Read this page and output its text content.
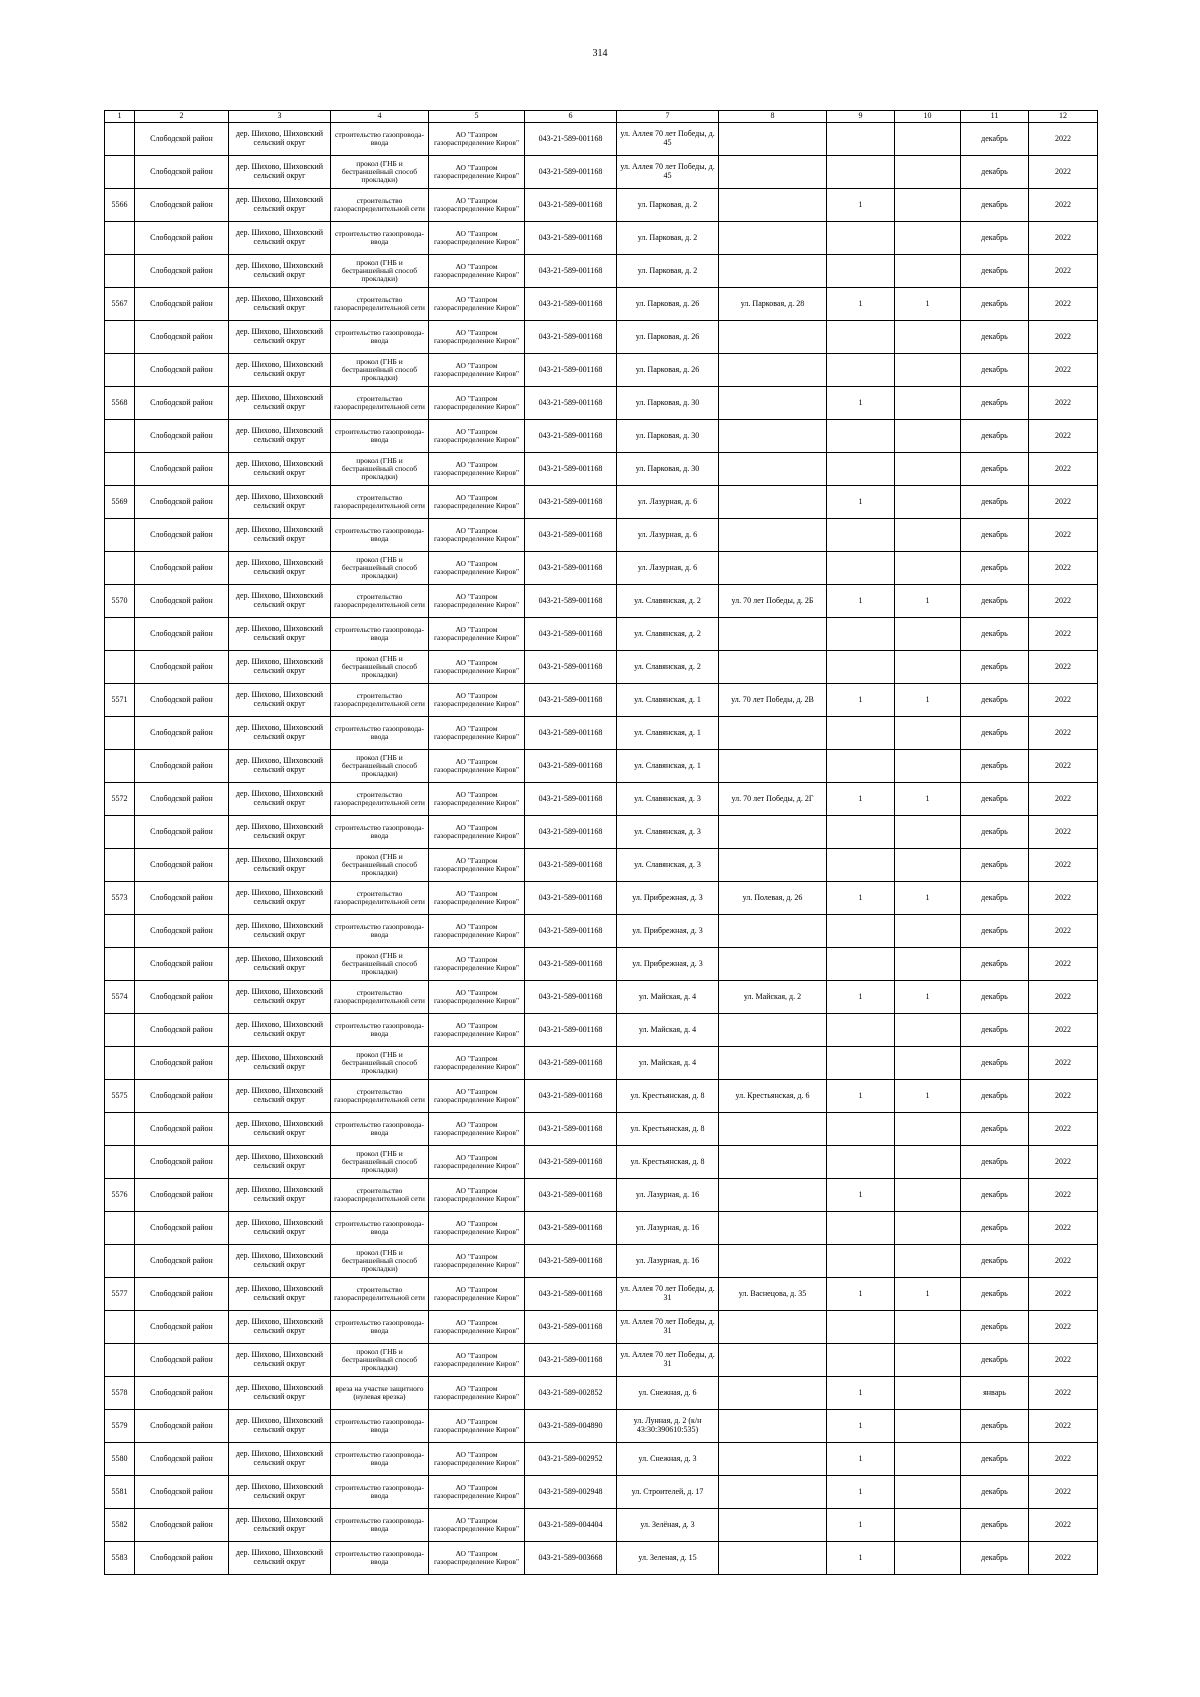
314
1	2	3	4	5	6	7	8	9	10	11	12
	Слободской район	дер. Шихово, Шиховский сельский округ	строительство газопровода-ввода	АО "Газпром газораспределение Киров"	043-21-589-001168	ул. Аллея 70 лет Победы, д. 45				декабрь	2022
	Слободской район	дер. Шихово, Шиховский сельский округ	прокол (ГНБ и бестраншейный способ прокладки)	АО "Газпром газораспределение Киров"	043-21-589-001168	ул. Аллея 70 лет Победы, д. 45				декабрь	2022
5566	Слободской район	дер. Шихово, Шиховский сельский округ	строительство газораспределительной сети	АО "Газпром газораспределение Киров"	043-21-589-001168	ул. Парковая, д. 2		1		декабрь	2022
	Слободской район	дер. Шихово, Шиховский сельский округ	строительство газопровода-ввода	АО "Газпром газораспределение Киров"	043-21-589-001168	ул. Парковая, д. 2				декабрь	2022
	Слободской район	дер. Шихово, Шиховский сельский округ	прокол (ГНБ и бестраншейный способ прокладки)	АО "Газпром газораспределение Киров"	043-21-589-001168	ул. Парковая, д. 2				декабрь	2022
5567	Слободской район	дер. Шихово, Шиховский сельский округ	строительство газораспределительной сети	АО "Газпром газораспределение Киров"	043-21-589-001168	ул. Парковая, д. 26	ул. Парковая, д. 28	1	1	декабрь	2022
	Слободской район	дер. Шихово, Шиховский сельский округ	строительство газопровода-ввода	АО "Газпром газораспределение Киров"	043-21-589-001168	ул. Парковая, д. 26				декабрь	2022
	Слободской район	дер. Шихово, Шиховский сельский округ	прокол (ГНБ и бестраншейный способ прокладки)	АО "Газпром газораспределение Киров"	043-21-589-001168	ул. Парковая, д. 26				декабрь	2022
5568	Слободской район	дер. Шихово, Шиховский сельский округ	строительство газораспределительной сети	АО "Газпром газораспределение Киров"	043-21-589-001168	ул. Парковая, д. 30		1		декабрь	2022
	Слободской район	дер. Шихово, Шиховский сельский округ	строительство газопровода-ввода	АО "Газпром газораспределение Киров"	043-21-589-001168	ул. Парковая, д. 30				декабрь	2022
	Слободской район	дер. Шихово, Шиховский сельский округ	прокол (ГНБ и бестраншейный способ прокладки)	АО "Газпром газораспределение Киров"	043-21-589-001168	ул. Парковая, д. 30				декабрь	2022
5569	Слободской район	дер. Шихово, Шиховский сельский округ	строительство газораспределительной сети	АО "Газпром газораспределение Киров"	043-21-589-001168	ул. Лазурная, д. 6		1		декабрь	2022
	Слободской район	дер. Шихово, Шиховский сельский округ	строительство газопровода-ввода	АО "Газпром газораспределение Киров"	043-21-589-001168	ул. Лазурная, д. 6				декабрь	2022
	Слободской район	дер. Шихово, Шиховский сельский округ	прокол (ГНБ и бестраншейный способ прокладки)	АО "Газпром газораспределение Киров"	043-21-589-001168	ул. Лазурная, д. 6				декабрь	2022
5570	Слободской район	дер. Шихово, Шиховский сельский округ	строительство газораспределительной сети	АО "Газпром газораспределение Киров"	043-21-589-001168	ул. Славянская, д. 2	ул. 70 лет Победы, д. 2Б	1	1	декабрь	2022
	Слободской район	дер. Шихово, Шиховский сельский округ	строительство газопровода-ввода	АО "Газпром газораспределение Киров"	043-21-589-001168	ул. Славянская, д. 2				декабрь	2022
	Слободской район	дер. Шихово, Шиховский сельский округ	прокол (ГНБ и бестраншейный способ прокладки)	АО "Газпром газораспределение Киров"	043-21-589-001168	ул. Славянская, д. 2				декабрь	2022
5571	Слободской район	дер. Шихово, Шиховский сельский округ	строительство газораспределительной сети	АО "Газпром газораспределение Киров"	043-21-589-001168	ул. Славянская, д. 1	ул. 70 лет Победы, д. 2В	1	1	декабрь	2022
	Слободской район	дер. Шихово, Шиховский сельский округ	строительство газопровода-ввода	АО "Газпром газораспределение Киров"	043-21-589-001168	ул. Славянская, д. 1				декабрь	2022
	Слободской район	дер. Шихово, Шиховский сельский округ	прокол (ГНБ и бестраншейный способ прокладки)	АО "Газпром газораспределение Киров"	043-21-589-001168	ул. Славянская, д. 1				декабрь	2022
5572	Слободской район	дер. Шихово, Шиховский сельский округ	строительство газораспределительной сети	АО "Газпром газораспределение Киров"	043-21-589-001168	ул. Славянская, д. 3	ул. 70 лет Победы, д. 2Г	1	1	декабрь	2022
	Слободской район	дер. Шихово, Шиховский сельский округ	строительство газопровода-ввода	АО "Газпром газораспределение Киров"	043-21-589-001168	ул. Славянская, д. 3				декабрь	2022
	Слободской район	дер. Шихово, Шиховский сельский округ	прокол (ГНБ и бестраншейный способ прокладки)	АО "Газпром газораспределение Киров"	043-21-589-001168	ул. Славянская, д. 3				декабрь	2022
5573	Слободской район	дер. Шихово, Шиховский сельский округ	строительство газораспределительной сети	АО "Газпром газораспределение Киров"	043-21-589-001168	ул. Прибрежная, д. 3	ул. Полевая, д. 26	1	1	декабрь	2022
	Слободской район	дер. Шихово, Шиховский сельский округ	строительство газопровода-ввода	АО "Газпром газораспределение Киров"	043-21-589-001168	ул. Прибрежная, д. 3				декабрь	2022
	Слободской район	дер. Шихово, Шиховский сельский округ	прокол (ГНБ и бестраншейный способ прокладки)	АО "Газпром газораспределение Киров"	043-21-589-001168	ул. Прибрежная, д. 3				декабрь	2022
5574	Слободской район	дер. Шихово, Шиховский сельский округ	строительство газораспределительной сети	АО "Газпром газораспределение Киров"	043-21-589-001168	ул. Майская, д. 4	ул. Майская, д. 2	1	1	декабрь	2022
	Слободской район	дер. Шихово, Шиховский сельский округ	строительство газопровода-ввода	АО "Газпром газораспределение Киров"	043-21-589-001168	ул. Майская, д. 4				декабрь	2022
	Слободской район	дер. Шихово, Шиховский сельский округ	прокол (ГНБ и бестраншейный способ прокладки)	АО "Газпром газораспределение Киров"	043-21-589-001168	ул. Майская, д. 4				декабрь	2022
5575	Слободской район	дер. Шихово, Шиховский сельский округ	строительство газораспределительной сети	АО "Газпром газораспределение Киров"	043-21-589-001168	ул. Крестьянская, д. 8	ул. Крестьянская, д. 6	1	1	декабрь	2022
	Слободской район	дер. Шихово, Шиховский сельский округ	строительство газопровода-ввода	АО "Газпром газораспределение Киров"	043-21-589-001168	ул. Крестьянская, д. 8				декабрь	2022
	Слободской район	дер. Шихово, Шиховский сельский округ	прокол (ГНБ и бестраншейный способ прокладки)	АО "Газпром газораспределение Киров"	043-21-589-001168	ул. Крестьянская, д. 8				декабрь	2022
5576	Слободской район	дер. Шихово, Шиховский сельский округ	строительство газораспределительной сети	АО "Газпром газораспределение Киров"	043-21-589-001168	ул. Лазурная, д. 16		1		декабрь	2022
	Слободской район	дер. Шихово, Шиховский сельский округ	строительство газопровода-ввода	АО "Газпром газораспределение Киров"	043-21-589-001168	ул. Лазурная, д. 16				декабрь	2022
	Слободской район	дер. Шихово, Шиховский сельский округ	прокол (ГНБ и бестраншейный способ прокладки)	АО "Газпром газораспределение Киров"	043-21-589-001168	ул. Лазурная, д. 16				декабрь	2022
5577	Слободской район	дер. Шихово, Шиховский сельский округ	строительство газораспределительной сети	АО "Газпром газораспределение Киров"	043-21-589-001168	ул. Аллея 70 лет Победы, д. 31	ул. Васнецова, д. 35	1	1	декабрь	2022
	Слободской район	дер. Шихово, Шиховский сельский округ	строительство газопровода-ввода	АО "Газпром газораспределение Киров"	043-21-589-001168	ул. Аллея 70 лет Победы, д. 31				декабрь	2022
	Слободской район	дер. Шихово, Шиховский сельский округ	прокол (ГНБ и бестраншейный способ прокладки)	АО "Газпром газораспределение Киров"	043-21-589-001168	ул. Аллея 70 лет Победы, д. 31				декабрь	2022
5578	Слободской район	дер. Шихово, Шиховский сельский округ	вреза на участке защитного (нулевая врезка)	АО "Газпром газораспределение Киров"	043-21-589-002852	ул. Снежная, д. 6		1		январь	2022
5579	Слободской район	дер. Шихово, Шиховский сельский округ	строительство газопровода-ввода	АО "Газпром газораспределение Киров"	043-21-589-004890	ул. Лунная, д. 2 (к/н 43:30:390610:535)		1		декабрь	2022
5580	Слободской район	дер. Шихово, Шиховский сельский округ	строительство газопровода-ввода	АО "Газпром газораспределение Киров"	043-21-589-002952	ул. Снежная, д. 3		1		декабрь	2022
5581	Слободской район	дер. Шихово, Шиховский сельский округ	строительство газопровода-ввода	АО "Газпром газораспределение Киров"	043-21-589-002948	ул. Строителей, д. 17		1		декабрь	2022
5582	Слободской район	дер. Шихово, Шиховский сельский округ	строительство газопровода-ввода	АО "Газпром газораспределение Киров"	043-21-589-004404	ул. Зелёная, д. 3		1		декабрь	2022
5583	Слободской район	дер. Шихово, Шиховский сельский округ	строительство газопровода-ввода	АО "Газпром газораспределение Киров"	043-21-589-003668	ул. Зеленая, д. 15		1		декабрь	2022
